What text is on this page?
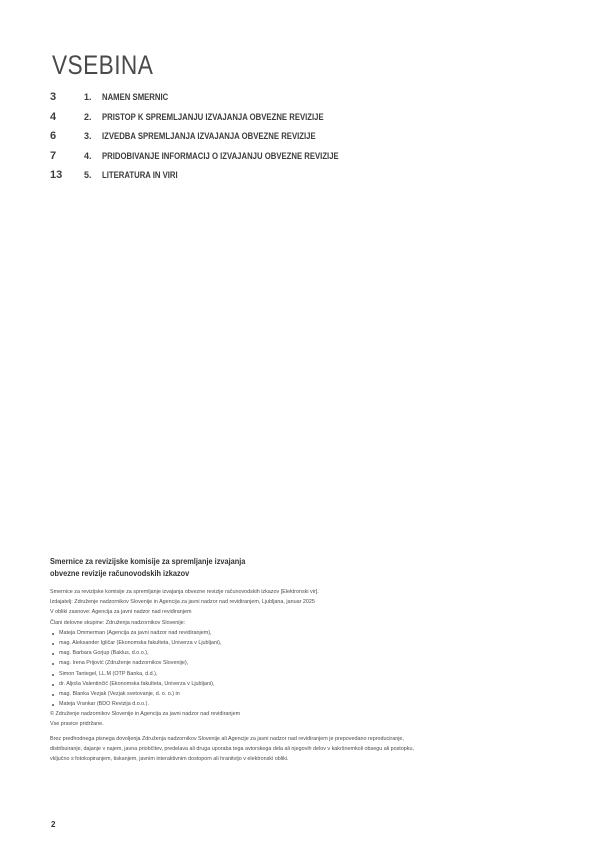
VSEBINA
3	1. NAMEN SMERNIC
4	2. PRISTOP K SPREMLJANJU IZVAJANJA OBVEZNE REVIZIJE
6	3. IZVEDBA SPREMLJANJA IZVAJANJA OBVEZNE REVIZIJE
7	4. PRIDOBIVANJE INFORMACIJ O IZVAJANJU OBVEZNE REVIZIJE
13	5. LITERATURA IN VIRI
Smernice za revizijske komisije za spremljanje izvajanja
obvezne revizije računovodskih izkazov
Smernice za revizijske komisije za spremljanje izvajanja obvezne revizije računovodskih izkazov [Elektronski vir].
Izdajatelj: Združenje nadzornikov Slovenije in Agencija za javni nadzor nad revidiranjem, Ljubljana, januar 2025
V obliki zasnove: Agencija za javni nadzor nad revidiranjem
Člani delovne skupine: Združenja nadzornikov Slovenije:
Mateja Ommerman (Agencija za javni nadzor nad revidiranjem),
mag. Aleksander Igličar (Ekonomska fakulteta, Univerza v Ljubljani),
mag. Barbara Gorjup (Baklus, d.o.o.),
mag. Irena Prijović (Združenje nadzornikov Slovenije),
Simon Tantegel, LL.M (OTP Banka, d.d.),
dr. Aljoša Valentinčič (Ekonomska fakulteta, Univerza v Ljubljani),
mag. Blanka Vezjak (Vezjak svetovanje, d. o. o.) in
Mateja Vrankar (BDO Revizija d.o.o.).
© Združenje nadzornikov Slovenije in Agencija za javni nadzor nad revidiranjem
Vse pravice pridržane.
Brez predhodnega pisnega dovoljenja Združenja nadzornikov Slovenije ali Agencije za javni nadzor nad revidiranjem je prepovedano reproduciranje, distribuiranje, dajanje v najem, javna priobčitev, predelava ali druga uporaba tega avtorskega dela ali njegovih delov v kakršnemkoli obsegu ali postopku, vključno s fotokopiranjem, tiskanjem, javnim interaktivnim dostopom ali hranitvijo v elektronski obliki.
2
